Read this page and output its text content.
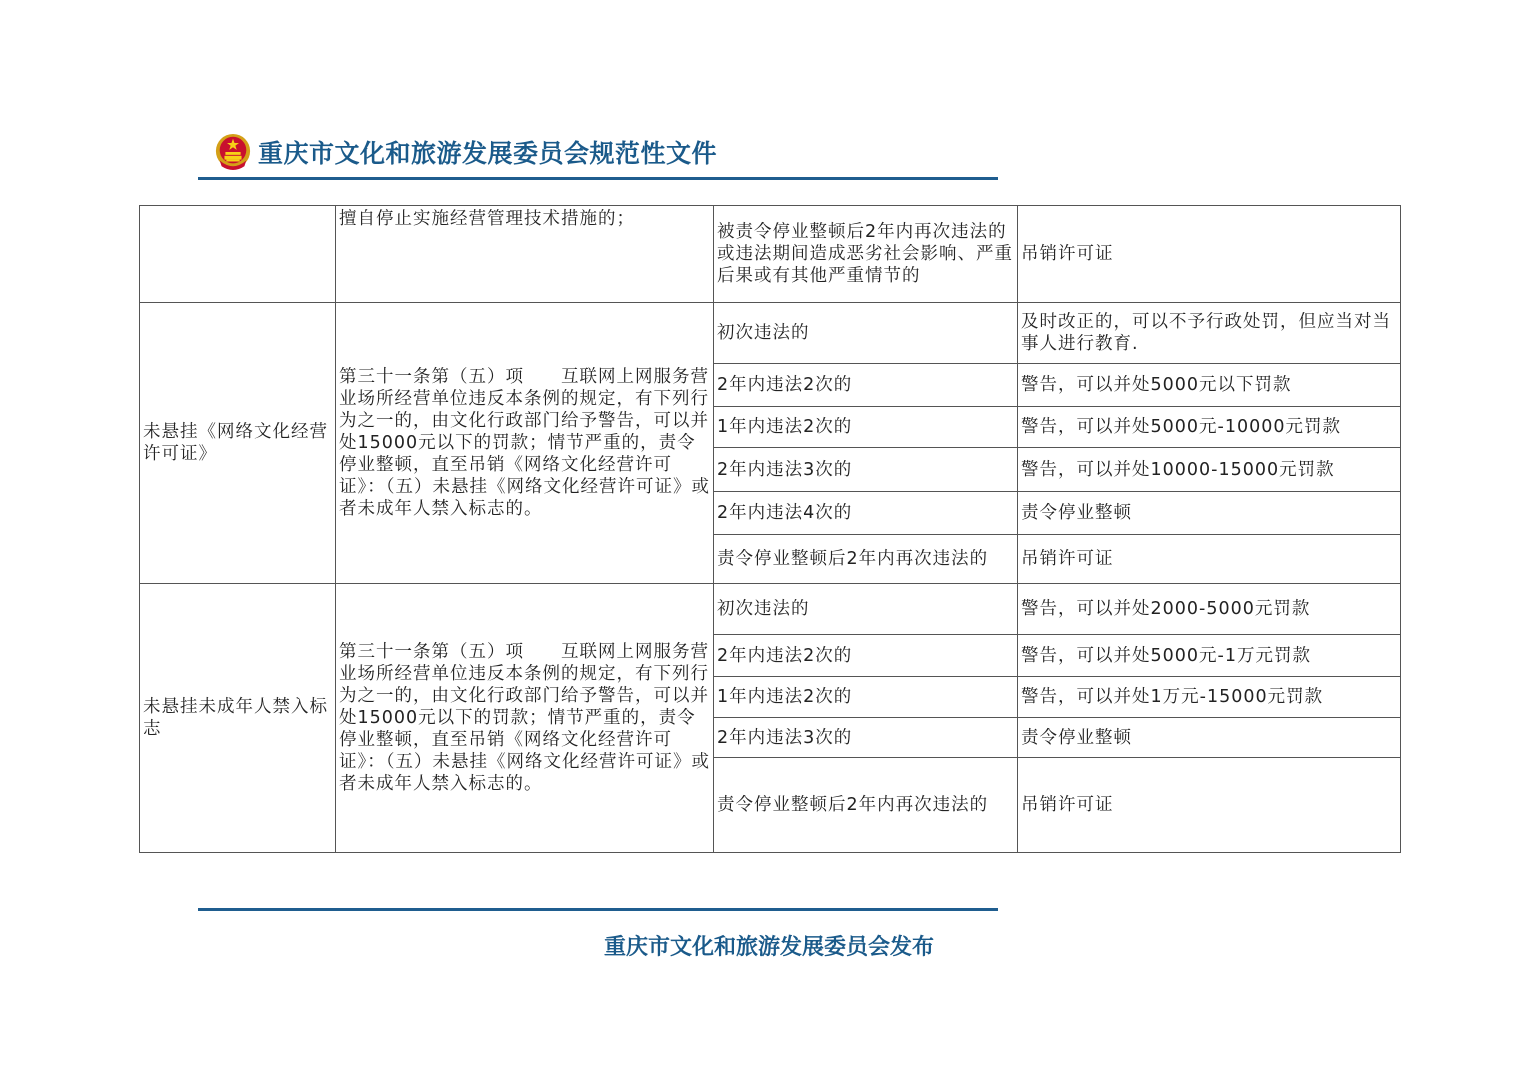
重庆市文化和旅游发展委员会规范性文件
	擅自停止实施经营管理技术措施的；	被责令停业整顿后2年内再次违法的或违法期间造成恶劣社会影响、严重后果或有其他严重情节的	吊销许可证
未悬挂《网络文化经营许可证》	第三十一条第（五）项　　互联网上网服务营业场所经营单位违反本条例的规定，有下列行为之一的，由文化行政部门给予警告，可以并处15000元以下的罚款；情节严重的，责令停业整顿，直至吊销《网络文化经营许可证》：（五）未悬挂《网络文化经营许可证》或者未成年人禁入标志的。	初次违法的	及时改正的，可以不予行政处罚，但应当对当事人进行教育.
		2年内违法2次的	警告，可以并处5000元以下罚款
		1年内违法2次的	警告，可以并处5000元-10000元罚款
		2年内违法3次的	警告，可以并处10000-15000元罚款
		2年内违法4次的	责令停业整顿
		责令停业整顿后2年内再次违法的	吊销许可证
未悬挂未成年人禁入标志	第三十一条第（五）项　　互联网上网服务营业场所经营单位违反本条例的规定，有下列行为之一的，由文化行政部门给予警告，可以并处15000元以下的罚款；情节严重的，责令停业整顿，直至吊销《网络文化经营许可证》：（五）未悬挂《网络文化经营许可证》或者未成年人禁入标志的。	初次违法的	警告，可以并处2000-5000元罚款
		2年内违法2次的	警告，可以并处5000元-1万元罚款
		1年内违法2次的	警告，可以并处1万元-15000元罚款
		2年内违法3次的	责令停业整顿
		责令停业整顿后2年内再次违法的	吊销许可证
重庆市文化和旅游发展委员会发布
